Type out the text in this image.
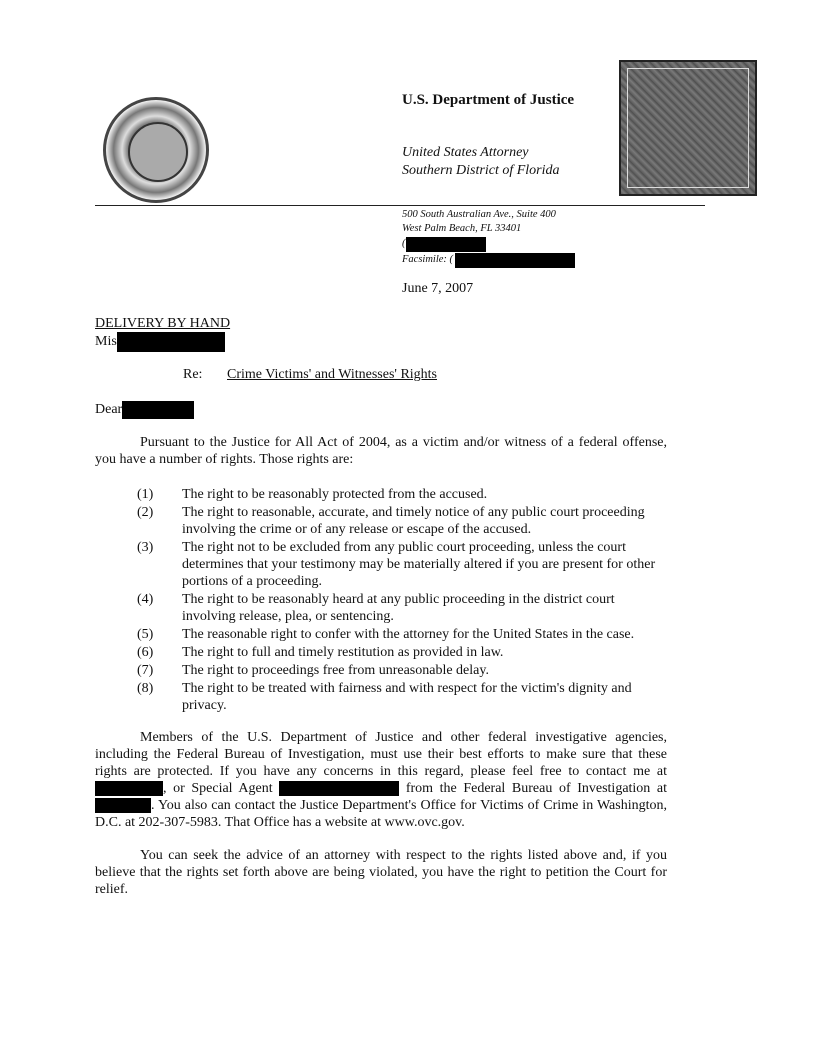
U.S. Department of Justice
United States Attorney
Southern District of Florida
500 South Australian Ave., Suite 400
West Palm Beach, FL 33401
(
Facsimile: (
June 7, 2007
DELIVERY BY HAND
Mis
Re: Crime Victims' and Witnesses' Rights
Dear
Pursuant to the Justice for All Act of 2004, as a victim and/or witness of a federal offense, you have a number of rights. Those rights are:
(1)	The right to be reasonably protected from the accused.
(2)	The right to reasonable, accurate, and timely notice of any public court proceeding involving the crime or of any release or escape of the accused.
(3)	The right not to be excluded from any public court proceeding, unless the court determines that your testimony may be materially altered if you are present for other portions of a proceeding.
(4)	The right to be reasonably heard at any public proceeding in the district court involving release, plea, or sentencing.
(5)	The reasonable right to confer with the attorney for the United States in the case.
(6)	The right to full and timely restitution as provided in law.
(7)	The right to proceedings free from unreasonable delay.
(8)	The right to be treated with fairness and with respect for the victim's dignity and privacy.
Members of the U.S. Department of Justice and other federal investigative agencies, including the Federal Bureau of Investigation, must use their best efforts to make sure that these rights are protected. If you have any concerns in this regard, please feel free to contact me at , or Special Agent	from the Federal Bureau of Investigation at . You also can contact the Justice Department's Office for Victims of Crime in Washington, D.C. at 202-307-5983. That Office has a website at www.ovc.gov.
You can seek the advice of an attorney with respect to the rights listed above and, if you believe that the rights set forth above are being violated, you have the right to petition the Court for relief.
